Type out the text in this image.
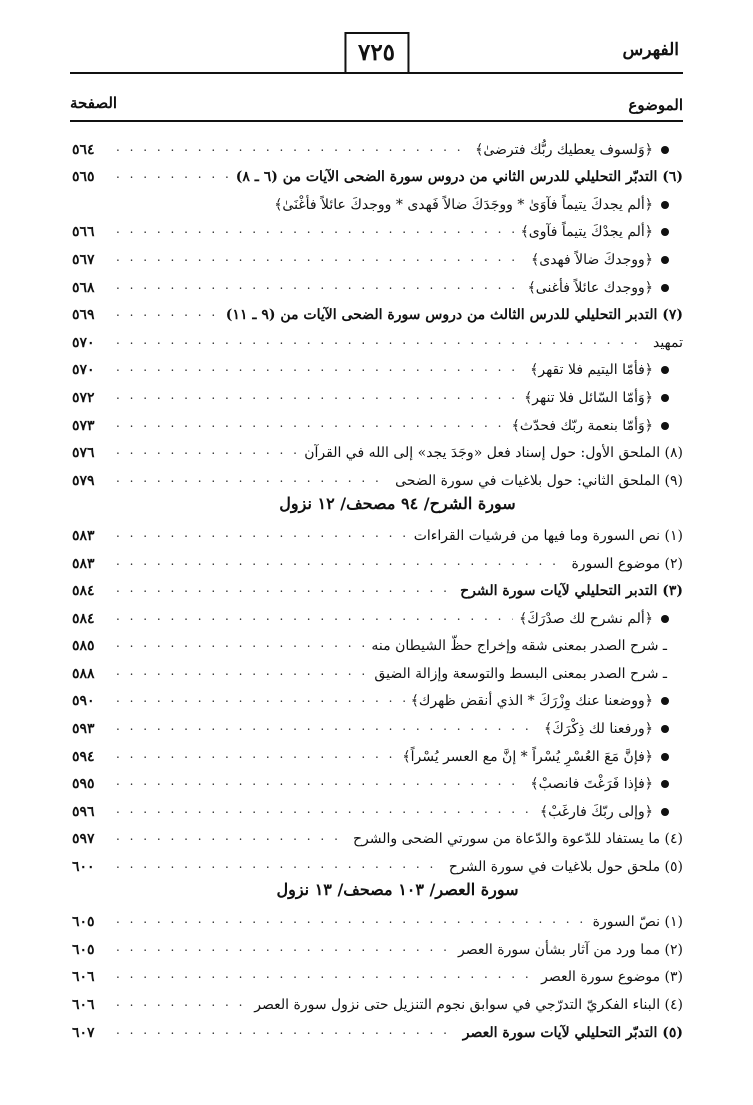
٧٢٥	الفهرس
الموضوع
الصفحة
﴿وَلسوف يعطيك ربُّك فترضىٰ﴾
. . .
٥٦٤
(٦) التدبّر التحليلي للدرس الثاني من دروس سورة الضحى الآيات من (٦ ـ ٨)
. . .
٥٦٥
﴿ألم يجدكَ يتيماً فآوَىٰ * ووجَدَكَ ضالاً فَهدى * ووجدكَ عائلاً فأغْنَىٰ﴾
﴿ألم يجدْكَ يتيماً فآوى﴾
. . .
٥٦٦
﴿ووجدكَ ضالاً فهدى﴾
. . .
٥٦٧
﴿ووجدك عائلاً فأغنى﴾
. . .
٥٦٨
(٧) التدبر التحليلي للدرس الثالث من دروس سورة الضحى الآيات من (٩ ـ ١١)
. . .
٥٦٩
تمهيد
. . .
٥٧٠
﴿فأمّا اليتيم فلا تقهر﴾
. . .
٥٧٠
﴿وَأمّا السّائل فلا تنهر﴾
. . .
٥٧٢
﴿وَأمّا بنعمة ربّك فحدّث﴾
. . .
٥٧٣
(٨) الملحق الأول: حول إسناد فعل «وجَدَ يجد» إلى الله في القرآن
. . .
٥٧٦
(٩) الملحق الثاني: حول بلاغيات في سورة الضحى
. . .
٥٧٩
سورة الشرح/ ٩٤ مصحف/ ١٢ نزول
(١) نص السورة وما فيها من فرشيات القراءات
. . .
٥٨٣
(٢) موضوع السورة
. . .
٥٨٣
(٣) التدبر التحليلي لآيات سورة الشرح
. . .
٥٨٤
﴿ألم نشرح لك صدْرَكَ﴾
. . .
٥٨٤
ـ شرح الصدر بمعنى شقه وإخراج حظّ الشيطان منه
. . .
٥٨٥
ـ شرح الصدر بمعنى البسط والتوسعة وإزالة الضيق
. . .
٥٨٨
﴿ووضعنا عنك وِزْرَكَ * الذي أنقض ظهرك﴾
. . .
٥٩٠
﴿ورفعنا لك ذِكْرَكَ﴾
. . .
٥٩٣
﴿فإنَّ مَعَ العُسْرِ يُسْراً * إنَّ مع العسر يُسْراً﴾
. . .
٥٩٤
﴿فإذا فَرَغْتَ فانصبْ﴾
. . .
٥٩٥
﴿وإلى ربّكَ فارغَبْ﴾
. . .
٥٩٦
(٤) ما يستفاد للدّعوة والدّعاة من سورتي الضحى والشرح
. . .
٥٩٧
(٥) ملحق حول بلاغيات في سورة الشرح
. . .
٦٠٠
سورة العصر/ ١٠٣ مصحف/ ١٣ نزول
(١) نصّ السورة
. . .
٦٠٥
(٢) مما ورد من آثار بشأن سورة العصر
. . .
٦٠٥
(٣) موضوع سورة العصر
. . .
٦٠٦
(٤) البناء الفكريّ التدرّجي في سوابق نجوم التنزيل حتى نزول سورة العصر
. . .
٦٠٦
(٥) التدبّر التحليلي لآيات سورة العصر
. . .
٦٠٧
